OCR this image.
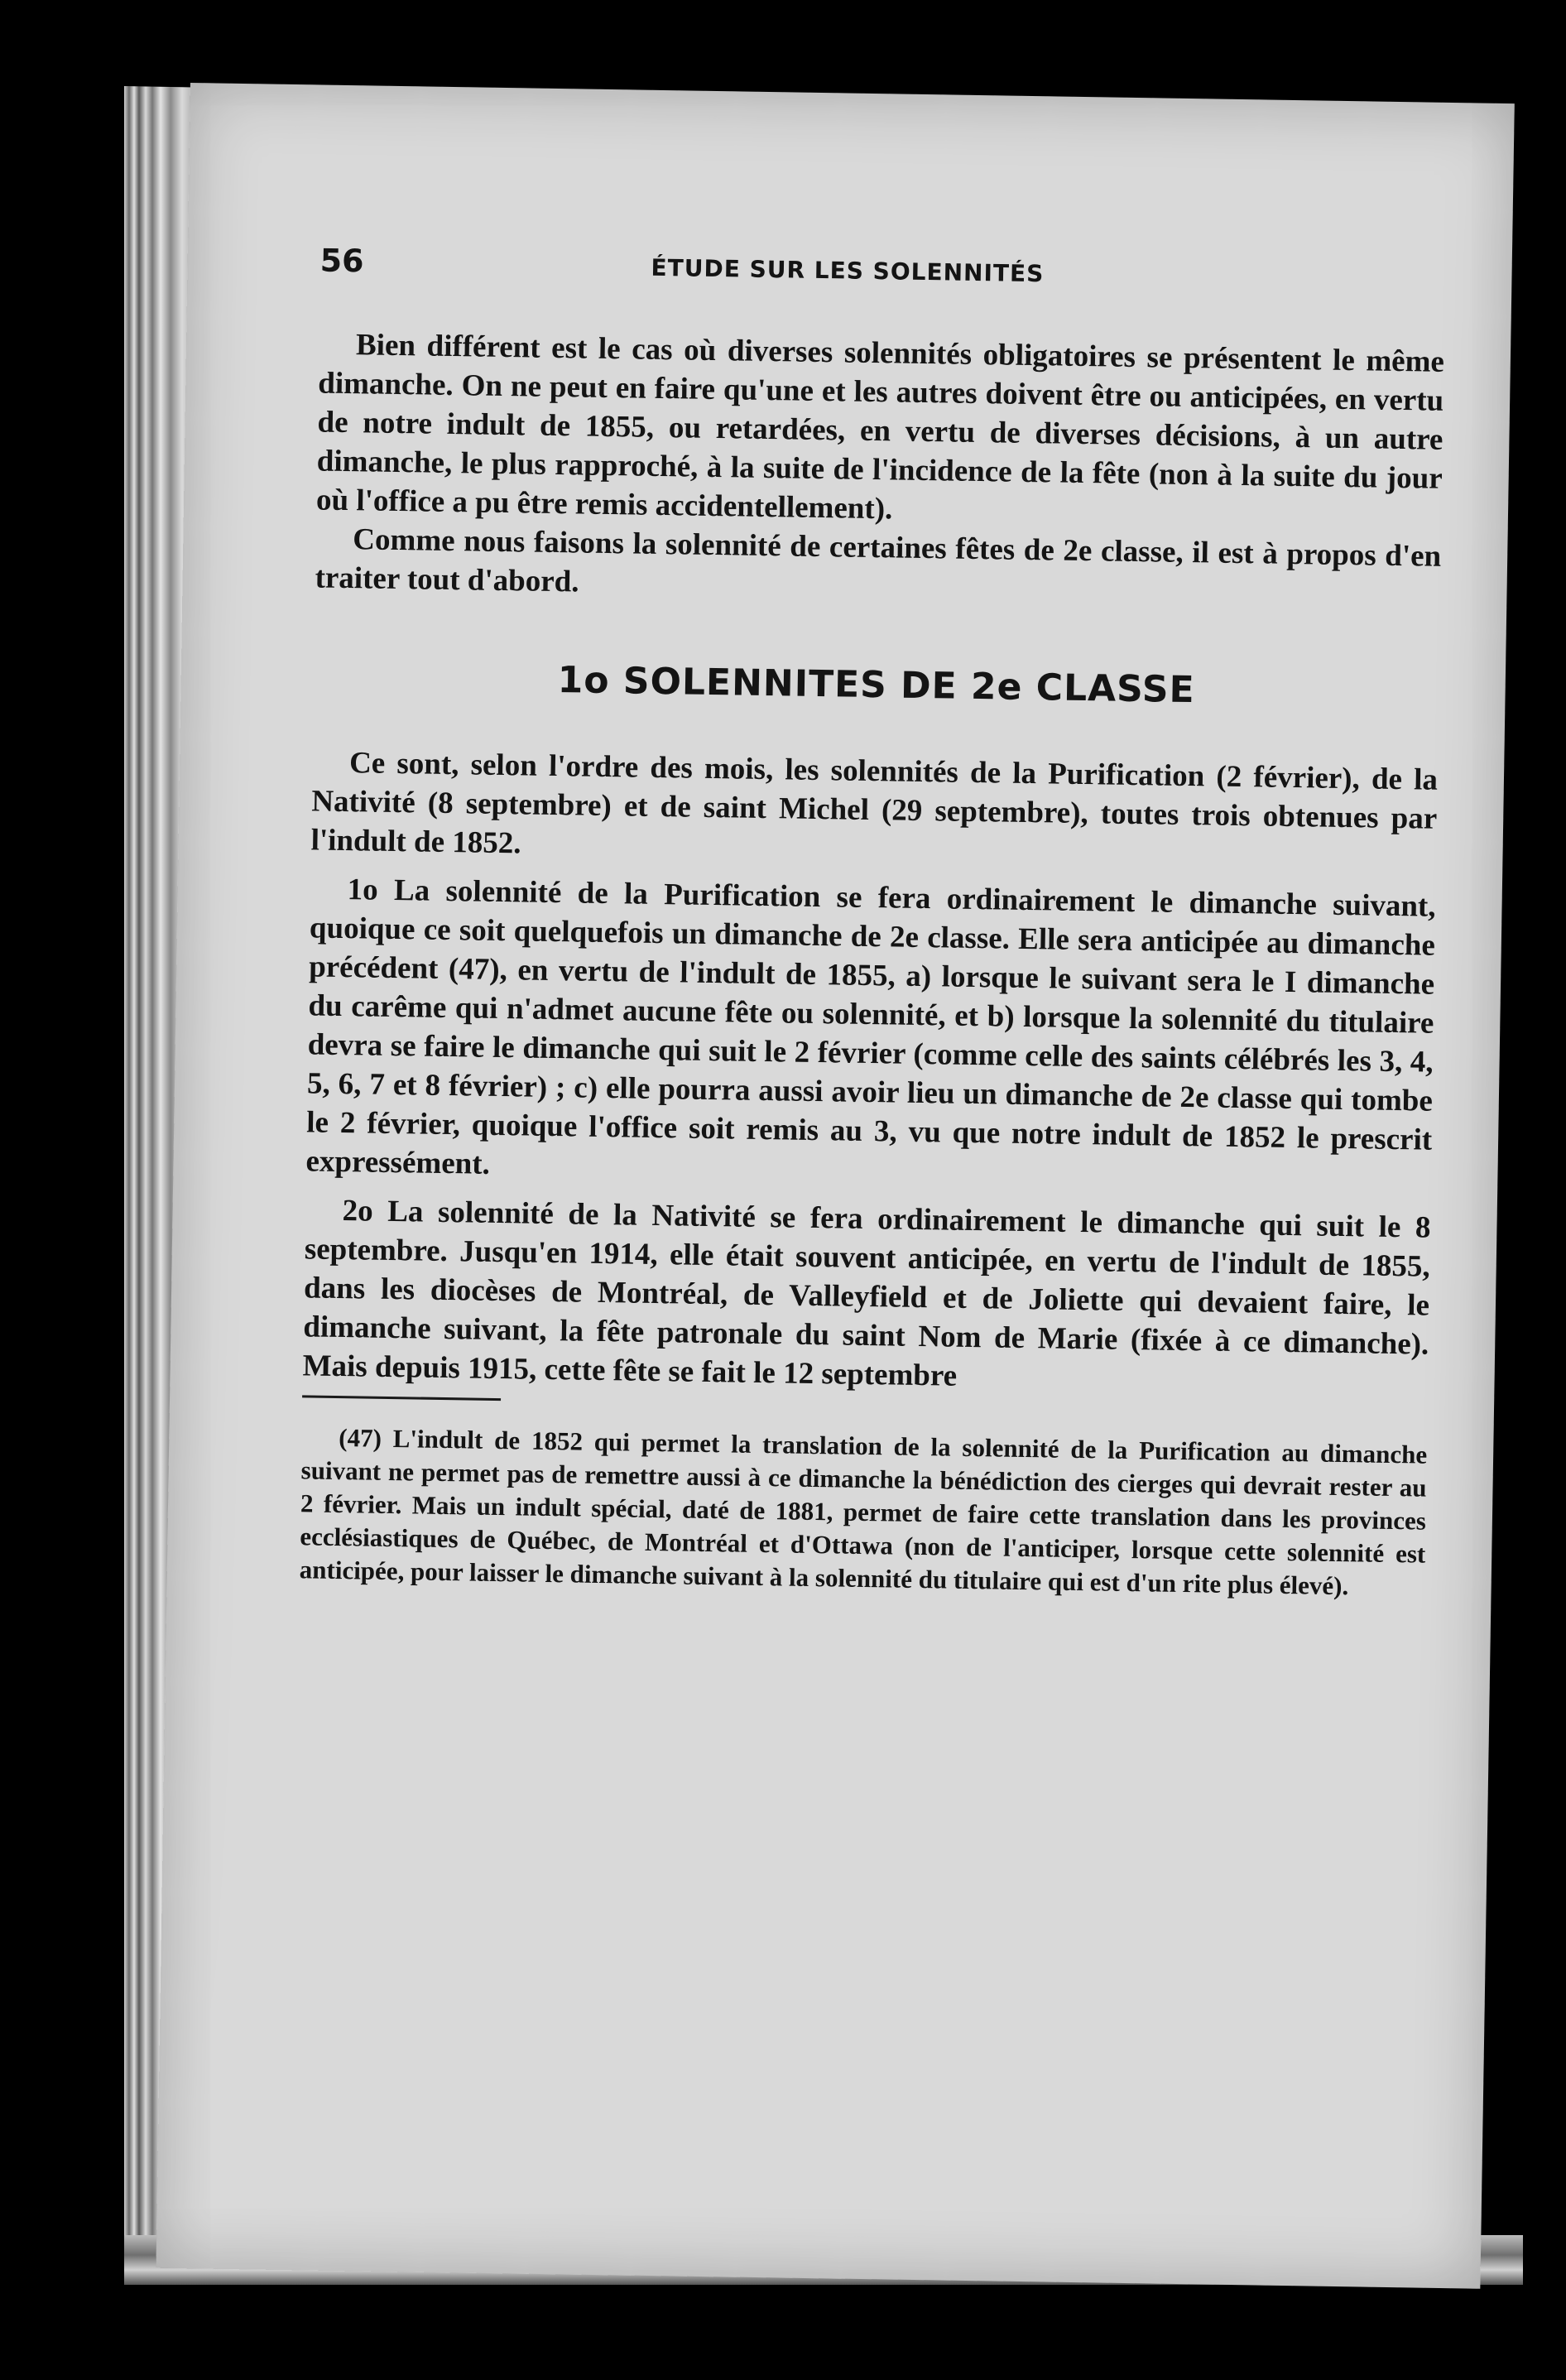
56	ÉTUDE SUR LES SOLENNITÉS

Bien différent est le cas où diverses solennités obligatoires se présentent le même dimanche. On ne peut en faire qu'une et les autres doivent être ou anticipées, en vertu de notre indult de 1855, ou retardées, en vertu de diverses décisions, à un autre dimanche, le plus rapproché, à la suite de l'incidence de la fête (non à la suite du jour où l'office a pu être remis accidentellement).

Comme nous faisons la solennité de certaines fêtes de 2e classe, il est à propos d'en traiter tout d'abord.

1o SOLENNITES DE 2e CLASSE

Ce sont, selon l'ordre des mois, les solennités de la Purification (2 février), de la Nativité (8 septembre) et de saint Michel (29 septembre), toutes trois obtenues par l'indult de 1852.

1o La solennité de la Purification se fera ordinairement le dimanche suivant, quoique ce soit quelquefois un dimanche de 2e classe. Elle sera anticipée au dimanche précédent (47), en vertu de l'indult de 1855, a) lorsque le suivant sera le I dimanche du carême qui n'admet aucune fête ou solennité, et b) lorsque la solennité du titulaire devra se faire le dimanche qui suit le 2 février (comme celle des saints célébrés les 3, 4, 5, 6, 7 et 8 février) ; c) elle pourra aussi avoir lieu un dimanche de 2e classe qui tombe le 2 février, quoique l'office soit remis au 3, vu que notre indult de 1852 le prescrit expressément.

2o La solennité de la Nativité se fera ordinairement le dimanche qui suit le 8 septembre. Jusqu'en 1914, elle était souvent anticipée, en vertu de l'indult de 1855, dans les diocèses de Montréal, de Valleyfield et de Joliette qui devaient faire, le dimanche suivant, la fête patronale du saint Nom de Marie (fixée à ce dimanche). Mais depuis 1915, cette fête se fait le 12 septembre

(47) L'indult de 1852 qui permet la translation de la solennité de la Purification au dimanche suivant ne permet pas de remettre aussi à ce dimanche la bénédiction des cierges qui devrait rester au 2 février. Mais un indult spécial, daté de 1881, permet de faire cette translation dans les provinces ecclésiastiques de Québec, de Montréal et d'Ottawa (non de l'anticiper, lorsque cette solennité est anticipée, pour laisser le dimanche suivant à la solennité du titulaire qui est d'un rite plus élevé).
